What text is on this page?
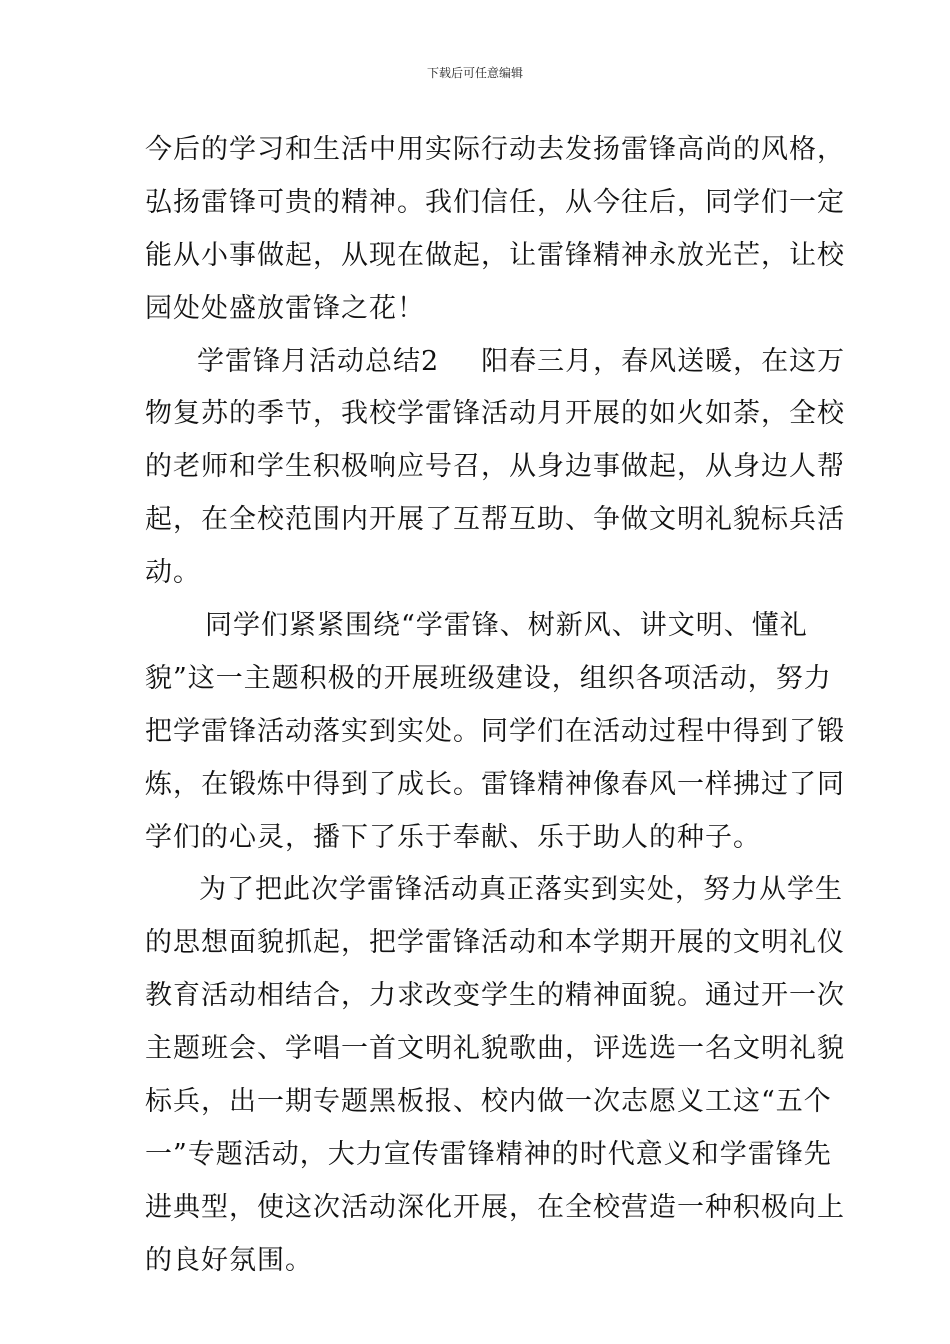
下载后可任意编辑
今后的学习和生活中用实际行动去发扬雷锋高尚的风格，
弘扬雷锋可贵的精神。我们信任，从今往后，同学们一定
能从小事做起，从现在做起，让雷锋精神永放光芒，让校
园处处盛放雷锋之花！
学雷锋月活动总结2 阳春三月，春风送暖，在这万
物复苏的季节，我校学雷锋活动月开展的如火如荼，全校
的老师和学生积极响应号召，从身边事做起，从身边人帮
起，在全校范围内开展了互帮互助、争做文明礼貌标兵活
动。
同学们紧紧围绕“学雷锋、树新风、讲文明、懂礼
貌”这一主题积极的开展班级建设，组织各项活动，努力
把学雷锋活动落实到实处。同学们在活动过程中得到了锻
炼，在锻炼中得到了成长。雷锋精神像春风一样拂过了同
学们的心灵，播下了乐于奉献、乐于助人的种子。
为了把此次学雷锋活动真正落实到实处，努力从学生
的思想面貌抓起，把学雷锋活动和本学期开展的文明礼仪
教育活动相结合，力求改变学生的精神面貌。通过开一次
主题班会、学唱一首文明礼貌歌曲，评选选一名文明礼貌
标兵，出一期专题黑板报、校内做一次志愿义工这“五个
一”专题活动，大力宣传雷锋精神的时代意义和学雷锋先
进典型，使这次活动深化开展，在全校营造一种积极向上
的良好氛围。
